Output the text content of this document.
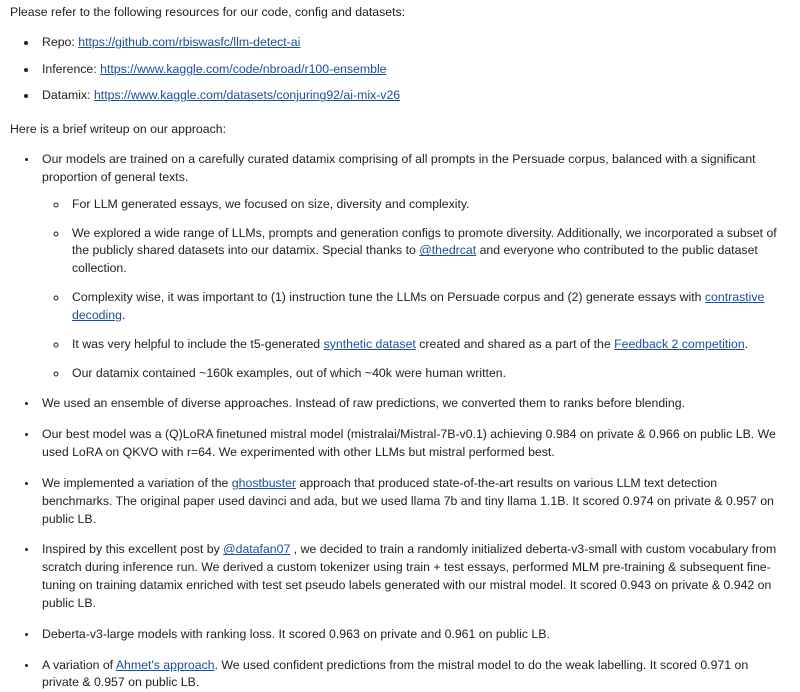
Please refer to the following resources for our code, config and datasets:

• Repo: https://github.com/rbiswasfc/llm-detect-ai
• Inference: https://www.kaggle.com/code/nbroad/r100-ensemble
• Datamix: https://www.kaggle.com/datasets/conjuring92/ai-mix-v26

Here is a brief writeup on our approach:

• Our models are trained on a carefully curated datamix comprising of all prompts in the Persuade corpus, balanced with a significant proportion of general texts.
◦ For LLM generated essays, we focused on size, diversity and complexity.
◦ We explored a wide range of LLMs, prompts and generation configs to promote diversity. Additionally, we incorporated a subset of the publicly shared datasets into our datamix. Special thanks to @thedrcat and everyone who contributed to the public dataset collection.
◦ Complexity wise, it was important to (1) instruction tune the LLMs on Persuade corpus and (2) generate essays with contrastive decoding.
◦ It was very helpful to include the t5-generated synthetic dataset created and shared as a part of the Feedback 2 competition.
◦ Our datamix contained ~160k examples, out of which ~40k were human written.
• We used an ensemble of diverse approaches. Instead of raw predictions, we converted them to ranks before blending.
• Our best model was a (Q)LoRA finetuned mistral model (mistralai/Mistral-7B-v0.1) achieving 0.984 on private & 0.966 on public LB. We used LoRA on QKVO with r=64. We experimented with other LLMs but mistral performed best.
• We implemented a variation of the ghostbuster approach that produced state-of-the-art results on various LLM text detection benchmarks. The original paper used davinci and ada, but we used llama 7b and tiny llama 1.1B. It scored 0.974 on private & 0.957 on public LB.
• Inspired by this excellent post by @datafan07 , we decided to train a randomly initialized deberta-v3-small with custom vocabulary from scratch during inference run. We derived a custom tokenizer using train + test essays, performed MLM pre-training & subsequent fine-tuning on training datamix enriched with test set pseudo labels generated with our mistral model. It scored 0.943 on private & 0.942 on public LB.
• Deberta-v3-large models with ranking loss. It scored 0.963 on private and 0.961 on public LB.
• A variation of Ahmet's approach. We used confident predictions from the mistral model to do the weak labelling. It scored 0.971 on private & 0.957 on public LB.
